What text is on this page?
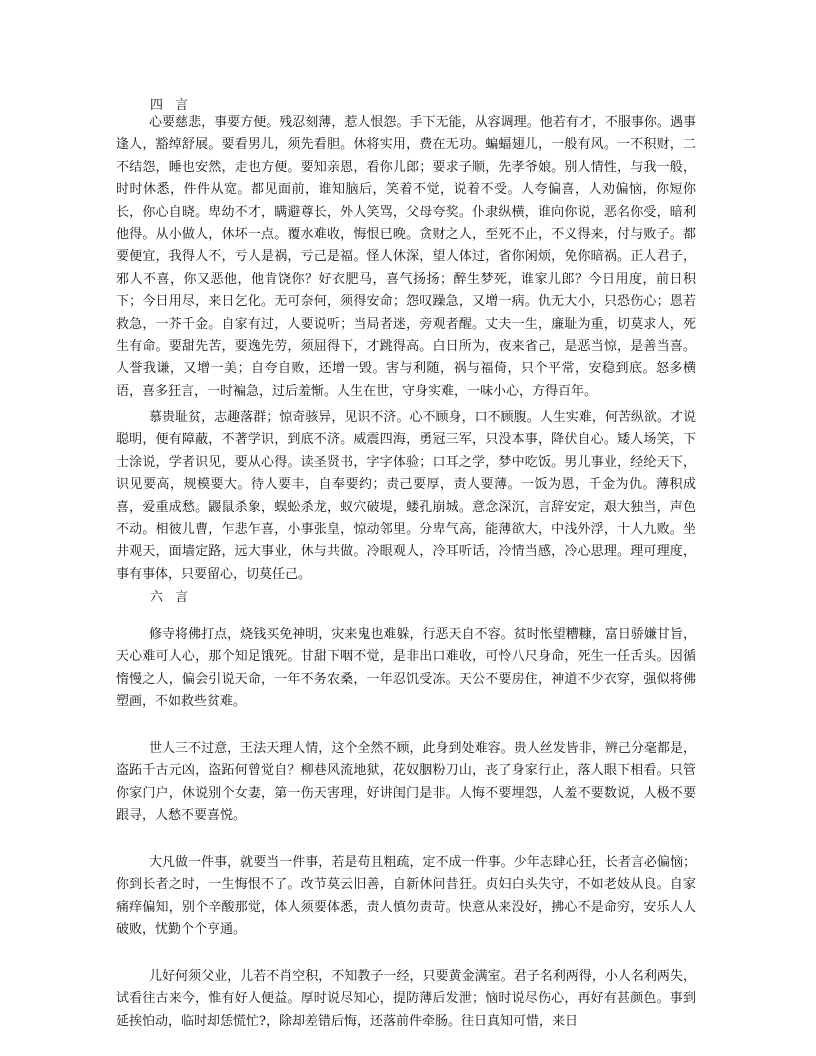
四 言

心要慈悲，事要方便。残忍刻薄，惹人恨怨。手下无能，从容调理。他若有才，不服事你。遇事逢人，豁绰舒展。要看男儿，须先看胆。休将实用，费在无功。蝙蝠翅儿，一般有风。一不积财，二不结怨，睡也安然，走也方便。要知亲恩，看你儿郎；要求子顺，先孝爷娘。别人情性，与我一般，时时休悉，件件从宽。都见面前，谁知脑后，笑着不觉，说着不受。人夸偏喜，人劝偏恼，你短你长，你心自晓。卑幼不才，瞒避尊长，外人笑骂，父母夸奖。仆隶纵横，谁向你说，恶名你受，暗利他得。从小做人，休坏一点。覆水难收，悔恨已晚。贪财之人，至死不止，不义得来，付与败子。都要便宜，我得人不，亏人是祸，亏己是福。怪人休深，望人体过，省你闲烦，免你暗祸。正人君子，邪人不喜，你又恶他，他肯饶你？好衣肥马，喜气扬扬；醉生梦死，谁家儿郎？今日用度，前日积下；今日用尽，来日乞化。无可奈何，须得安命；怨叹躁急，又增一病。仇无大小，只恐伤心；恩若救急，一芥千金。自家有过，人要说听；当局者迷，旁观者醒。丈夫一生，廉耻为重，切莫求人，死生有命。要甜先苦，要逸先劳，须屈得下，才跳得高。白日所为，夜来省己，是恶当惊，是善当喜。人誉我谦，又增一美；自夸自败，还增一毁。害与利随，祸与福倚，只个平常，安稳到底。怒多横语，喜多狂言，一时褊急，过后羞惭。人生在世，守身实难，一味小心，方得百年。

慕贵耻贫，志趣落群；惊奇骇异，见识不济。心不顾身，口不顾腹。人生实难，何苦纵欲。才说聪明，便有障蔽，不著学识，到底不济。威震四海，勇冠三军，只没本事，降伏自心。矮人场笑，下士涂说，学者识见，要从心得。读圣贤书，字字体验；口耳之学，梦中吃饭。男儿事业，经纶天下，识见要高，规模要大。待人要丰，自奉要约；责己要厚，责人要薄。一饭为恩，千金为仇。薄积成喜，爱重成愁。鼹鼠杀象，蜈蚣杀龙，蚁穴破堤，蝼孔崩城。意念深沉，言辞安定，艰大独当，声色不动。相彼儿曹，乍悲乍喜，小事张皇，惊动邻里。分卑气高，能薄欲大，中浅外浮，十人九败。坐井观天，面墙定路，远大事业，休与共做。冷眼观人，冷耳听话，冷情当感，冷心思理。理可理度，事有事体，只要留心，切莫任己。

六 言

修寺将佛打点，烧钱买免神明，灾来鬼也难躲，行恶天自不容。贫时怅望糟糠，富日骄嫌甘旨，天心难可人心，那个知足饿死。甘甜下咽不觉，是非出口难收，可怜八尺身命，死生一任舌头。因循惰慢之人，偏会引说天命，一年不务农桑，一年忍饥受冻。天公不要房住，神道不少衣穿，强似将佛塑画，不如救些贫难。

世人三不过意，王法天理人情，这个全然不顾，此身到处难容。贵人丝发皆非，辨己分毫都是，盗跖千古元凶，盗跖何曾觉自？柳巷风流地狱，花奴胭粉刀山，丧了身家行止，落人眼下相看。只管你家门户，休说别个女妻，第一伤天害理，好讲闺门是非。人悔不要埋怨，人羞不要数说，人极不要跟寻，人愁不要喜悦。

大凡做一件事，就要当一件事，若是苟且粗疏，定不成一件事。少年志肆心狂，长者言必偏恼；你到长者之时，一生悔恨不了。改节莫云旧善，自新休问昔狂。贞妇白头失守，不如老妓从良。自家痛痒偏知，别个辛酸那觉，体人须要体悉，责人慎勿责苛。快意从来没好，拂心不是命穷，安乐人人破败，忧勤个个亨通。

儿好何须父业，儿若不肖空积，不知教子一经，只要黄金满室。君子名利两得，小人名利两失，试看往古来今，惟有好人便益。厚时说尽知心，提防薄后发泄；恼时说尽伤心，再好有甚颜色。事到延挨怕动，临时却恁慌忙?，除却差错后悔，还落前件牵肠。往日真知可惜，来日
